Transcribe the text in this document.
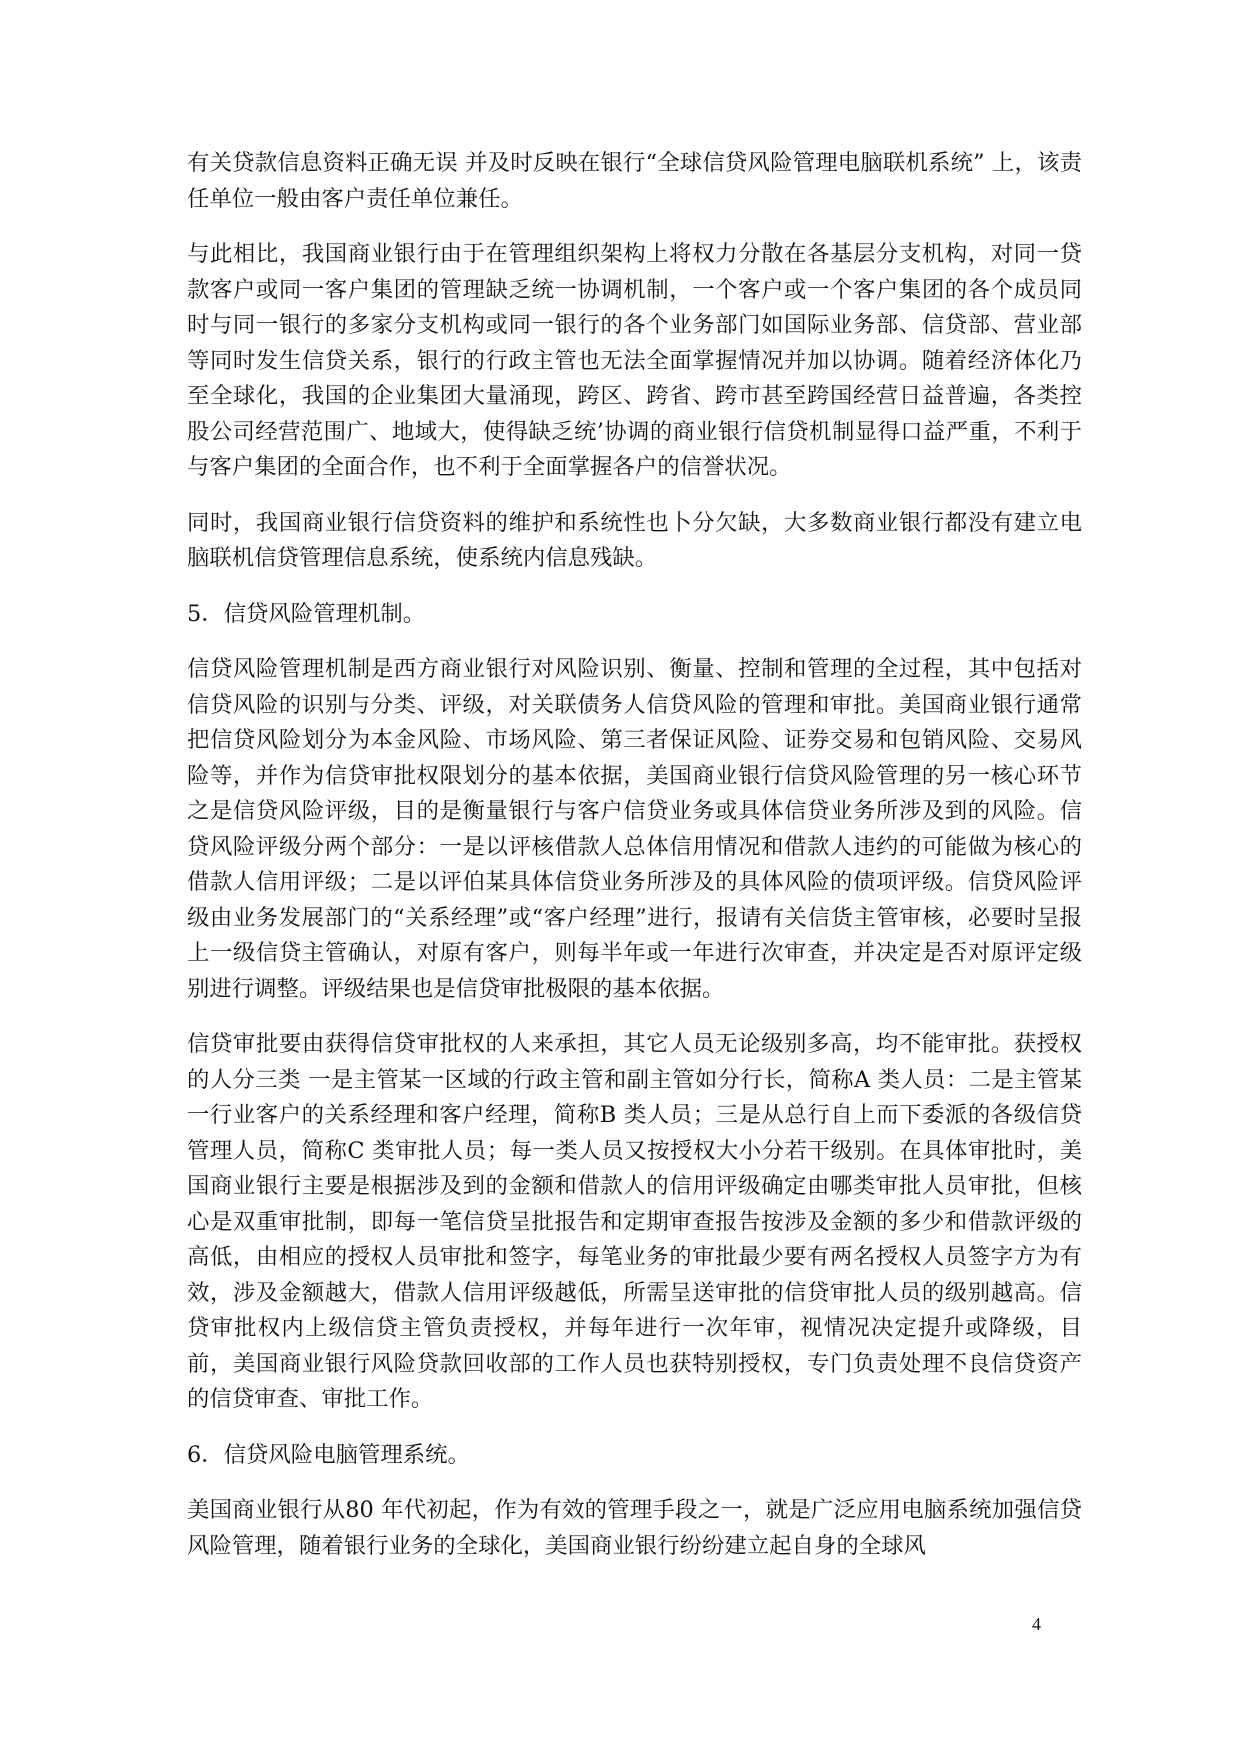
有关贷款信息资料正确无误 并及时反映在银行“全球信贷风险管理电脑联机系统” 上，该责任单位一般由客户责任单位兼任。

与此相比，我国商业银行由于在管理组织架构上将权力分散在各基层分支机构，对同一贷款客户或同一客户集团的管理缺乏统一协调机制，一个客户或一个客户集团的各个成员同时与同一银行的多家分支机构或同一银行的各个业务部门如国际业务部、信贷部、营业部等同时发生信贷关系，银行的行政主管也无法全面掌握情况并加以协调。随着经济体化乃至全球化，我国的企业集团大量涌现，跨区、跨省、跨市甚至跨国经营日益普遍，各类控股公司经营范围广、地域大，使得缺乏统’协调的商业银行信贷机制显得口益严重，不利于与客户集团的全面合作，也不利于全面掌握各户的信誉状况。

同时，我国商业银行信贷资料的维护和系统性也卜分欠缺，大多数商业银行都没有建立电脑联机信贷管理信息系统，使系统内信息残缺。

5．信贷风险管理机制。

信贷风险管理机制是西方商业银行对风险识别、衡量、控制和管理的全过程，其中包括对信贷风险的识别与分类、评级，对关联债务人信贷风险的管理和审批。美国商业银行通常把信贷风险划分为本金风险、市场风险、第三者保证风险、证券交易和包销风险、交易风险等，并作为信贷审批权限划分的基本依据，美国商业银行信贷风险管理的另一核心环节之是信贷风险评级，目的是衡量银行与客户信贷业务或具体信贷业务所涉及到的风险。信贷风险评级分两个部分：一是以评核借款人总体信用情况和借款人违约的可能做为核心的借款人信用评级；二是以评伯某具体信贷业务所涉及的具体风险的债项评级。信贷风险评级由业务发展部门的“关系经理”或“客户经理”进行，报请有关信货主管审核，必要时呈报上一级信贷主管确认，对原有客户，则每半年或一年进行次审查，并决定是否对原评定级别进行调整。评级结果也是信贷审批极限的基本依据。

信贷审批要由获得信贷审批权的人来承担，其它人员无论级别多高，均不能审批。获授权的人分三类 一是主管某一区域的行政主管和副主管如分行长，简称A 类人员：二是主管某一行业客户的关系经理和客户经理，简称B 类人员；三是从总行自上而下委派的各级信贷管理人员，简称C 类审批人员；每一类人员又按授权大小分若干级别。在具体审批时，美国商业银行主要是根据涉及到的金额和借款人的信用评级确定由哪类审批人员审批，但核心是双重审批制，即每一笔信贷呈批报告和定期审查报告按涉及金额的多少和借款评级的高低，由相应的授权人员审批和签字，每笔业务的审批最少要有两名授权人员签字方为有效，涉及金额越大，借款人信用评级越低，所需呈送审批的信贷审批人员的级别越高。信贷审批权内上级信贷主管负责授权，并每年进行一次年审，视情况决定提升或降级，目前，美国商业银行风险贷款回收部的工作人员也获特别授权，专门负责处理不良信贷资产的信贷审查、审批工作。

6．信贷风险电脑管理系统。

美国商业银行从80 年代初起，作为有效的管理手段之一，就是广泛应用电脑系统加强信贷风险管理，随着银行业务的全球化，美国商业银行纷纷建立起自身的全球风

4
